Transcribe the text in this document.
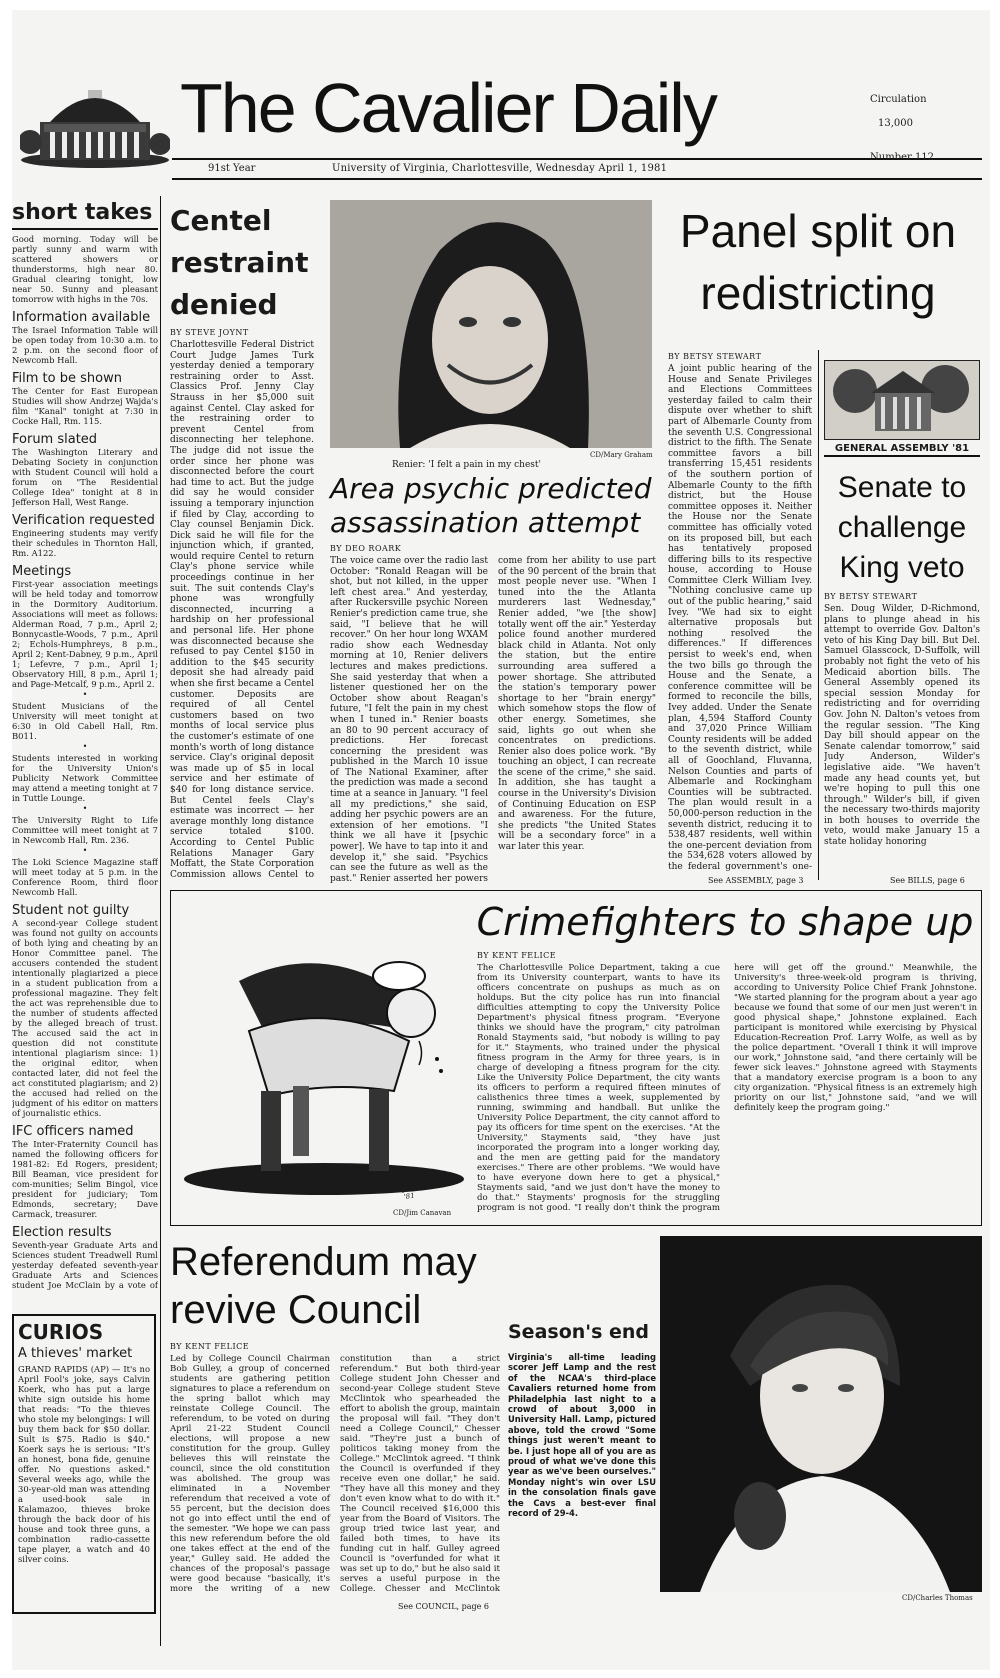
The Cavalier Daily	Circulation
13,000
91st Year	University of Virginia, Charlottesville, Wednesday April 1, 1981
Number 112
short takes
Good morning. Today will be partly sunny and warm with scattered showers or thunderstorms, high near 80. Gradual clearing tonight, low near 50. Sunny and pleasant tomorrow with highs in the 70s.
Information available
The Israel Information Table will be open today from 10:30 a.m. to 2 p.m. on the second floor of Newcomb Hall.
Film to be shown
The Center for East European Studies will show Andrzej Wajda's film "Kanal" tonight at 7:30 in Cocke Hall, Rm. 115.
Forum slated
The Washington Literary and Debating Society in conjunction with Student Council will hold a forum on "The Residential College Idea" tonight at 8 in Jefferson Hall, West Range.
Verification requested
Engineering students may verify their schedules in Thornton Hall, Rm. A122.
Meetings
First-year association meetings will be held today and tomorrow in the Dormitory Auditorium. Associations will meet as follows: Alderman Road, 7 p.m., April 2; Bonnycastle-Woods, 7 p.m., April 2; Echols-Humphreys, 8 p.m., April 2; Kent-Dabney, 9 p.m., April 1; Lefevre, 7 p.m., April 1; Observatory Hill, 8 p.m., April 1; and Page-Metcalf, 9 p.m., April 2.
•
Student Musicians of the University will meet tonight at 6:30 in Old Cabell Hall, Rm. B011.
•
Students interested in working for the University Union's Publicity Network Committee may attend a meeting tonight at 7 in Tuttle Lounge.
•
The University Right to Life Committee will meet tonight at 7 in Newcomb Hall, Rm. 236.
•
The Loki Science Magazine staff will meet today at 5 p.m. in the Conference Room, third floor Newcomb Hall.
Student not guilty
A second-year College student was found not guilty on accounts of both lying and cheating by an Honor Committee panel. The accusers contended the student intentionally plagiarized a piece in a student publication from a professional magazine. They felt the act was reprehensible due to the number of students affected by the alleged breach of trust. The accused said the act in question did not constitute intentional plagiarism since: 1) the original editor, when contacted later, did not feel the act constituted plagiarism; and 2) the accused had relied on the judgment of his editor on matters of journalistic ethics.
IFC officers named
The Inter-Fraternity Council has named the following officers for 1981-82: Ed Rogers, president; Bill Beaman, vice president for com-munities; Selim Bingol, vice president for judiciary; Tom Edmonds, secretary; Dave Carmack, treasurer.
Election results
Seventh-year Graduate Arts and Sciences student Treadwell Ruml yesterday defeated seventh-year Graduate Arts and Sciences student Joe McClain by a vote of
CURIOS
A thieves' market
GRAND RAPIDS (AP) — It's no April Fool's joke, says Calvin Koerk, who has put a large white sign outside his home that reads: "To the thieves who stole my belongings: I will buy them back for $50 dollar. Sult is $75. Radio is $40." Koerk says he is serious: "It's an honest, bona fide, genuine offer. No questions asked." Several weeks ago, while the 30-year-old man was attending a used-book sale in Kalamazoo, thieves broke through the back door of his house and took three guns, a combination radio-cassette tape player, a watch and 40 silver coins.
Centel restraint denied
BY STEVE JOYNT
Charlottesville Federal District Court Judge James Turk yesterday denied a temporary restraining order to Asst. Classics Prof. Jenny Clay Strauss in her $5,000 suit against Centel. Clay asked for the restraining order to prevent Centel from disconnecting her telephone. The judge did not issue the order since her phone was disconnected before the court had time to act. But the judge did say he would consider issuing a temporary injunction if filed by Clay, according to Clay counsel Benjamin Dick. Dick said he will file for the injunction which, if granted, would require Centel to return Clay's phone service while proceedings continue in her suit. The suit contends Clay's phone was wrongfully disconnected, incurring a hardship on her professional and personal life. Her phone was disconnected because she refused to pay Centel $150 in addition to the $45 security deposit she had already paid when she first became a Centel customer. Deposits are required of all Centel customers based on two months of local service plus the customer's estimate of one month's worth of long distance service. Clay's original deposit was made up of $5 in local service and her estimate of $40 for long distance service. But Centel feels Clay's estimate was incorrect — her average monthly long distance service totaled $100. According to Centel Public Relations Manager Gary Moffatt, the State Corporation Commission allows Centel to
Renier: 'I felt a pain in my chest'
CD/Mary Graham
Area psychic predicted assassination attempt
BY DEO ROARK
The voice came over the radio last October: "Ronald Reagan will be shot, but not killed, in the upper left chest area." And yesterday, after Ruckersville psychic Noreen Renier's prediction came true, she said, "I believe that he will recover." On her hour long WXAM radio show each Wednesday morning at 10, Renier delivers lectures and makes predictions. She said yesterday that when a listener questioned her on the October show about Reagan's future, "I felt the pain in my chest when I tuned in." Renier boasts an 80 to 90 percent accuracy of predictions. Her forecast concerning the president was published in the March 10 issue of The National Examiner, after the prediction was made a second time at a seance in January. "I feel all my predictions," she said, adding her psychic powers are an extension of her emotions. "I think we all have it [psychic power]. We have to tap into it and develop it," she said. "Psychics can see the future as well as the past." Renier asserted her powers come from her ability to use part of the 90 percent of the brain that most people never use. "When I tuned into the the Atlanta murderers last Wednesday," Renier added, "we [the show] totally went off the air." Yesterday police found another murdered black child in Atlanta. Not only the station, but the entire surrounding area suffered a power shortage. She attributed the station's temporary power shortage to her "brain energy" which somehow stops the flow of other energy. Sometimes, she said, lights go out when she concentrates on predictions. Renier also does police work. "By touching an object, I can recreate the scene of the crime," she said. In addition, she has taught a course in the University's Division of Continuing Education on ESP and awareness. For the future, she predicts "the United States will be a secondary force" in a war later this year.
Panel split on redistricting
BY BETSY STEWART
A joint public hearing of the House and Senate Privileges and Elections Committees yesterday failed to calm their dispute over whether to shift part of Albemarle County from the seventh U.S. Congressional district to the fifth. The Senate committee favors a bill transferring 15,451 residents of the southern portion of Albemarle County to the fifth district, but the House committee opposes it. Neither the House nor the Senate committee has officially voted on its proposed bill, but each has tentatively proposed differing bills to its respective house, according to House Committee Clerk William Ivey. "Nothing conclusive came up out of the public hearing," said Ivey. "We had six to eight alternative proposals but nothing resolved the differences." If differences persist to week's end, when the two bills go through the House and the Senate, a conference committee will be formed to reconcile the bills, Ivey added. Under the Senate plan, 4,594 Stafford County and 37,020 Prince William County residents will be added to the seventh district, while all of Goochland, Fluvanna, Nelson Counties and parts of Albemarle and Rockingham Counties will be subtracted. The plan would result in a 50,000-person reduction in the seventh district, reducing it to 538,487 residents, well within the one-percent deviation from the 534,628 voters allowed by the federal government's one-
See ASSEMBLY, page 3
GENERAL ASSEMBLY '81
Senate to challenge King veto
BY BETSY STEWART
Sen. Doug Wilder, D-Richmond, plans to plunge ahead in his attempt to override Gov. Dalton's veto of his King Day bill. But Del. Samuel Glasscock, D-Suffolk, will probably not fight the veto of his Medicaid abortion bills. The General Assembly opened its special session Monday for redistricting and for overriding Gov. John N. Dalton's vetoes from the regular session. "The King Day bill should appear on the Senate calendar tomorrow," said Judy Anderson, Wilder's legislative aide. "We haven't made any head counts yet, but we're hoping to pull this one through." Wilder's bill, if given the necessary two-thirds majority in both houses to override the veto, would make January 15 a state holiday honoring
See BILLS, page 6
Crimefighters to shape up
JIM CANAVAN '81
CD/Jim Canavan
BY KENT FELICE
The Charlottesville Police Department, taking a cue from its University counterpart, wants to have its officers concentrate on pushups as much as on holdups. But the city police has run into financial difficulties attempting to copy the University Police Department's physical fitness program. "Everyone thinks we should have the program," city patrolman Ronald Stayments said, "but nobody is willing to pay for it." Stayments, who trained under the physical fitness program in the Army for three years, is in charge of developing a fitness program for the city. Like the University Police Department, the city wants its officers to perform a required fifteen minutes of calisthenics three times a week, supplemented by running, swimming and handball. But unlike the University Police Department, the city cannot afford to pay its officers for time spent on the exercises. "At the University," Stayments said, "they have just incorporated the program into a longer working day, and the men are getting paid for the mandatory exercises." There are other problems. "We would have to have everyone down here to get a physical," Stayments said, "and we just don't have the money to do that." Stayments' prognosis for the struggling program is not good. "I really don't think the program here will get off the ground." Meanwhile, the University's three-week-old program is thriving, according to University Police Chief Frank Johnstone. "We started planning for the program about a year ago because we found that some of our men just weren't in good physical shape," Johnstone explained. Each participant is monitored while exercising by Physical Education-Recreation Prof. Larry Wolfe, as well as by the police department. "Overall I think it will improve our work," Johnstone said, "and there certainly will be fewer sick leaves." Johnstone agreed with Stayments that a mandatory exercise program is a boon to any city organization. "Physical fitness is an extremely high priority on our list," Johnstone said, "and we will definitely keep the program going."
Referendum may revive Council
BY KENT FELICE
Led by College Council Chairman Bob Gulley, a group of concerned students are gathering petition signatures to place a referendum on the spring ballot which may reinstate College Council. The referendum, to be voted on during April 21-22 Student Council elections, will propose a new constitution for the group. Gulley believes this will reinstate the council, since the old constitution was abolished. The group was eliminated in a November referendum that received a vote of 55 percent, but the decision does not go into effect until the end of the semester. "We hope we can pass this new referendum before the old one takes effect at the end of the year," Gulley said. He added the chances of the proposal's passage were good because "basically, it's more the writing of a new constitution than a strict referendum." But both third-year College student John Chesser and second-year College student Steve McClintok who spearheaded the effort to abolish the group, maintain the proposal will fail. "They don't need a College Council," Chesser said. "They're just a bunch of politicos taking money from the College." McClintok agreed. "I think the Council is overfunded if they receive even one dollar," he said. "They have all this money and they don't even know what to do with it." The Council received $16,000 this year from the Board of Visitors. The group tried twice last year, and failed both times, to have its funding cut in half. Gulley agreed Council is "overfunded for what it was set up to do," but he also said it serves a useful purpose in the College. Chesser and McClintok
See COUNCIL, page 6
Season's end
Virginia's all-time leading scorer Jeff Lamp and the rest of the NCAA's third-place Cavaliers returned home from Philadelphia last night to a crowd of about 3,000 in University Hall. Lamp, pictured above, told the crowd "Some things just weren't meant to be. I just hope all of you are as proud of what we've done this year as we've been ourselves." Monday night's win over LSU in the consolation finals gave the Cavs a best-ever final record of 29-4.
CD/Charles Thomas
